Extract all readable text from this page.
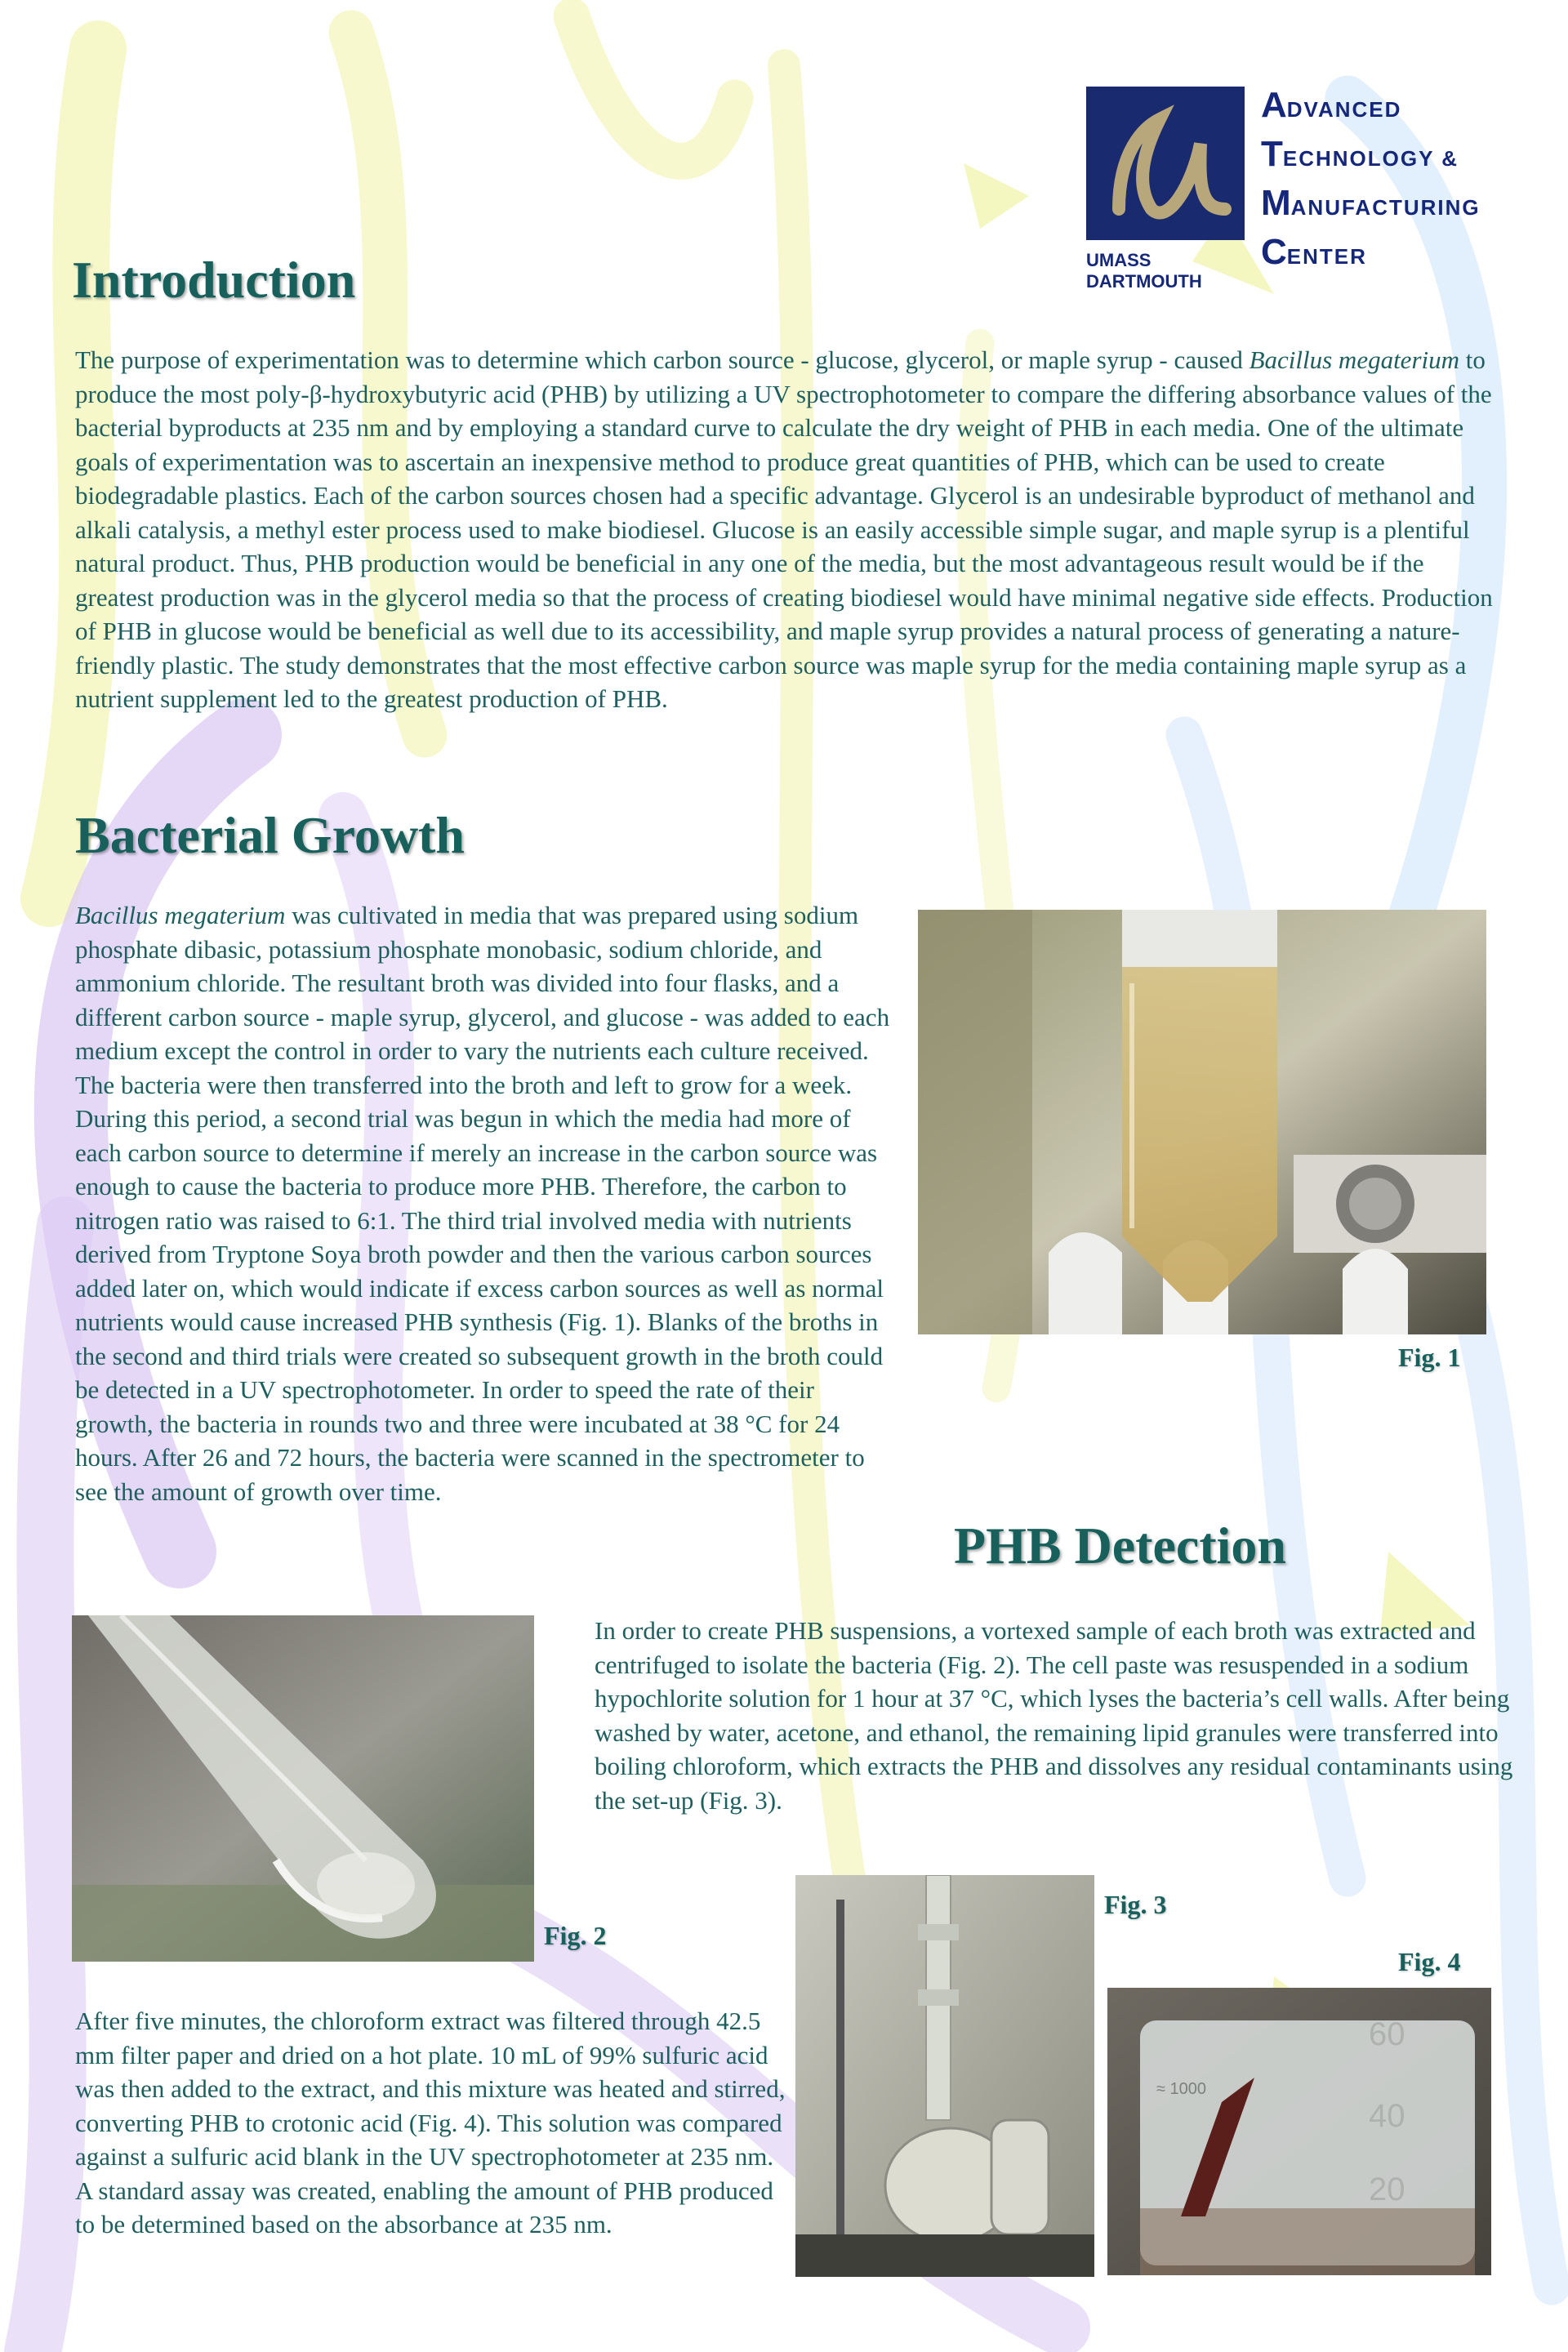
UMASS DARTMOUTH
ADVANCED
TECHNOLOGY &
MANUFACTURING
CENTER
Introduction

The purpose of experimentation was to determine which carbon source - glucose, glycerol, or maple syrup - caused Bacillus megaterium to produce the most poly-β-hydroxybutyric acid (PHB) by utilizing a UV spectrophotometer to compare the differing absorbance values of the bacterial byproducts at 235 nm and by employing a standard curve to calculate the dry weight of PHB in each media. One of the ultimate goals of experimentation was to ascertain an inexpensive method to produce great quantities of PHB, which can be used to create biodegradable plastics. Each of the carbon sources chosen had a specific advantage. Glycerol is an undesirable byproduct of methanol and alkali catalysis, a methyl ester process used to make biodiesel. Glucose is an easily accessible simple sugar, and maple syrup is a plentiful natural product. Thus, PHB production would be beneficial in any one of the media, but the most advantageous result would be if the greatest production was in the glycerol media so that the process of creating biodiesel would have minimal negative side effects. Production of PHB in glucose would be beneficial as well due to its accessibility, and maple syrup provides a natural process of generating a nature-friendly plastic. The study demonstrates that the most effective carbon source was maple syrup for the media containing maple syrup as a nutrient supplement led to the greatest production of PHB.

Bacterial Growth

Bacillus megaterium was cultivated in media that was prepared using sodium phosphate dibasic, potassium phosphate monobasic, sodium chloride, and ammonium chloride. The resultant broth was divided into four flasks, and a different carbon source - maple syrup, glycerol, and glucose - was added to each medium except the control in order to vary the nutrients each culture received. The bacteria were then transferred into the broth and left to grow for a week. During this period, a second trial was begun in which the media had more of each carbon source to determine if merely an increase in the carbon source was enough to cause the bacteria to produce more PHB. Therefore, the carbon to nitrogen ratio was raised to 6:1. The third trial involved media with nutrients derived from Tryptone Soya broth powder and then the various carbon sources added later on, which would indicate if excess carbon sources as well as normal nutrients would cause increased PHB synthesis (Fig. 1). Blanks of the broths in the second and third trials were created so subsequent growth in the broth could be detected in a UV spectrophotometer. In order to speed the rate of their growth, the bacteria in rounds two and three were incubated at 38 °C for 24 hours. After 26 and 72 hours, the bacteria were scanned in the spectrometer to see the amount of growth over time.

Fig. 1
PHB Detection
Fig. 2

In order to create PHB suspensions, a vortexed sample of each broth was extracted and centrifuged to isolate the bacteria (Fig. 2). The cell paste was resuspended in a sodium hypochlorite solution for 1 hour at 37 °C, which lyses the bacteria’s cell walls. After being washed by water, acetone, and ethanol, the remaining lipid granules were transferred into boiling chloroform, which extracts the PHB and dissolves any residual contaminants using the set-up (Fig. 3).

Fig. 3
Fig. 4
≈ 1000
60
40
20

After five minutes, the chloroform extract was filtered through 42.5 mm filter paper and dried on a hot plate. 10 mL of 99% sulfuric acid was then added to the extract, and this mixture was heated and stirred, converting PHB to crotonic acid (Fig. 4). This solution was compared against a sulfuric acid blank in the UV spectrophotometer at 235 nm. A standard assay was created, enabling the amount of PHB produced to be determined based on the absorbance at 235 nm.
